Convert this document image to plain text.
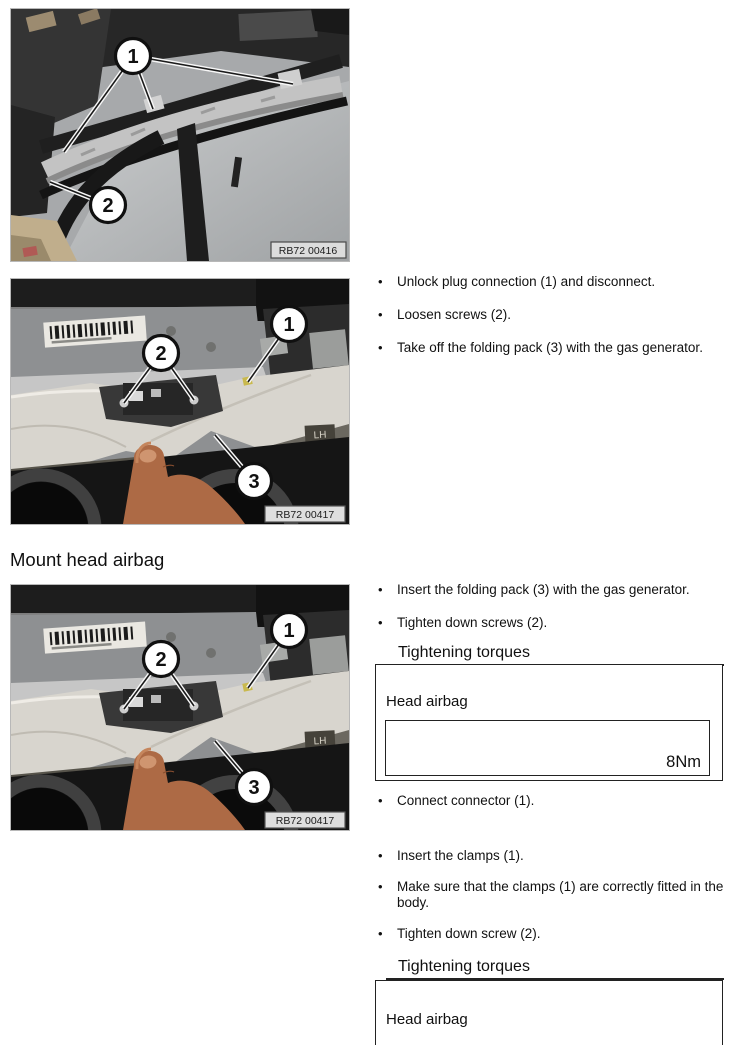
1
2
RB72 00416
LH
2
1
3
RB72 00417
•
Unlock plug connection (1) and disconnect.
•
Loosen screws (2).
•
Take off the folding pack (3) with the gas generator.
Mount head airbag
LH
2
1
3
RB72 00417
•
Insert the folding pack (3) with the gas generator.
•
Tighten down screws (2).
Tightening torques
Head airbag
8Nm
•
Connect connector (1).
•
Insert the clamps (1).
•
Make sure that the clamps (1) are correctly fitted in the body.
•
Tighten down screw (2).
Tightening torques
Head airbag
